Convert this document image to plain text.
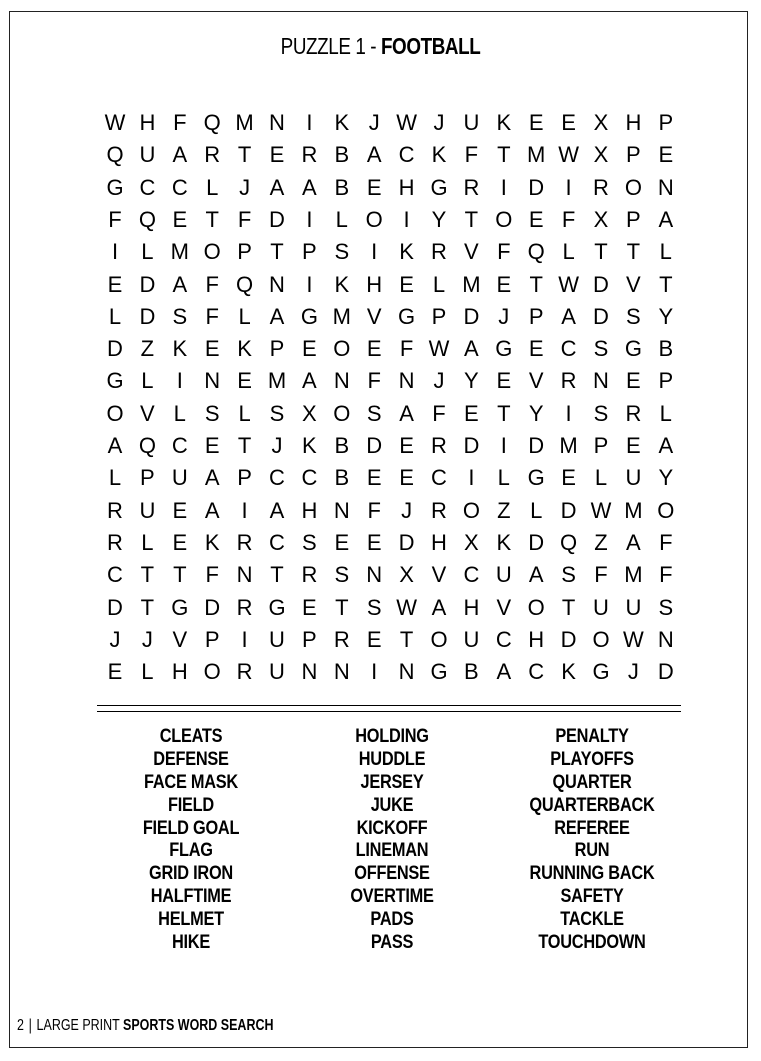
PUZZLE 1 - FOOTBALL
W H F Q M N I	K J W J U K E E X H P
Q U A R T E R B A C K F T M W X P E
G C C L J A A B E H G R I D I R O N
F Q E T F D I	L O I	Y T O E F X P A
I	L M O P T P S I	K R V F Q L T T L
E D A F Q N I	K H E L M E T W D V T
L D S F L A G M V G P D J P A D S Y
D Z K E K P E O E F W A G E C S G B
G L	I N E M A N F N J Y E V R N E P
O V L S L S X O S A F E T Y	I	S R L
A Q C E T J K B D E R D I D M P E A
L P U A P C C B E E C I	L G E L U Y
R U E A	I	A H N F J R O Z L D W M O
R L E K R C S E E D H X K D Q Z A F
C T T F N T R S N X V C U A S F M F
D T G D R G E T S W A H V O T U U S
J J V P	I U P R E T O U C H D O W N
E L H O R U N N I N G B A C K G J D
CLEATS
DEFENSE
FACE MASK
FIELD
FIELD GOAL
FLAG
GRID IRON
HALFTIME
HELMET
HIKE
HOLDING
HUDDLE
JERSEY
JUKE
KICKOFF
LINEMAN
OFFENSE
OVERTIME
PADS
PASS
PENALTY
PLAYOFFS
QUARTER
QUARTERBACK
REFEREE
RUN
RUNNING BACK
SAFETY
TACKLE
TOUCHDOWN
2 | LARGE PRINT SPORTS WORD SEARCH
